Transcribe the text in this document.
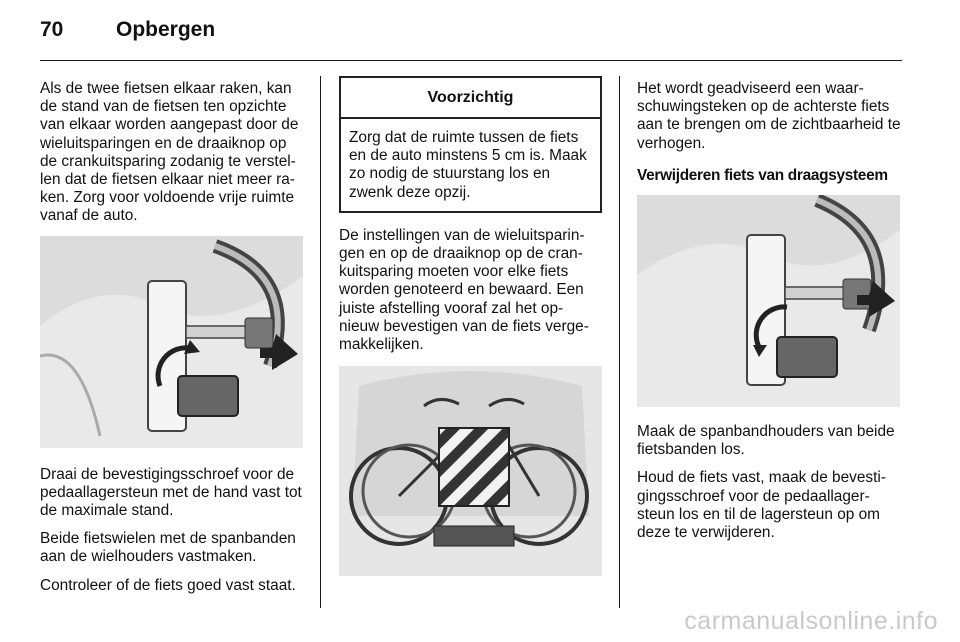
70	Opbergen

Als de twee fietsen elkaar raken, kan de stand van de fietsen ten opzichte van elkaar worden aangepast door de wieluitsparingen en de draaiknop op de crankuitsparing zodanig te verstel-len dat de fietsen elkaar niet meer ra-ken. Zorg voor voldoende vrije ruimte vanaf de auto.

Draai de bevestigingsschroef voor de pedaallagersteun met de hand vast tot de maximale stand.

Beide fietswielen met de spanbanden aan de wielhouders vastmaken.

Controleer of de fiets goed vast staat.

Voorzichtig
Zorg dat de ruimte tussen de fiets en de auto minstens 5 cm is. Maak zo nodig de stuurstang los en zwenk deze opzij.

De instellingen van de wieluitsparin-gen en op de draaiknop op de cran-kuitsparing moeten voor elke fiets worden genoteerd en bewaard. Een juiste afstelling vooraf zal het op-nieuw bevestigen van de fiets verge-makkelijken.

Het wordt geadviseerd een waar-schuwingsteken op de achterste fiets aan te brengen om de zichtbaarheid te verhogen.

Verwijderen fiets van draagsysteem

Maak de spanbandhouders van beide fietsbanden los.

Houd de fiets vast, maak de bevesti-gingsschroef voor de pedaallager-steun los en til de lagersteun op om deze te verwijderen.

carmanualsonline.info
